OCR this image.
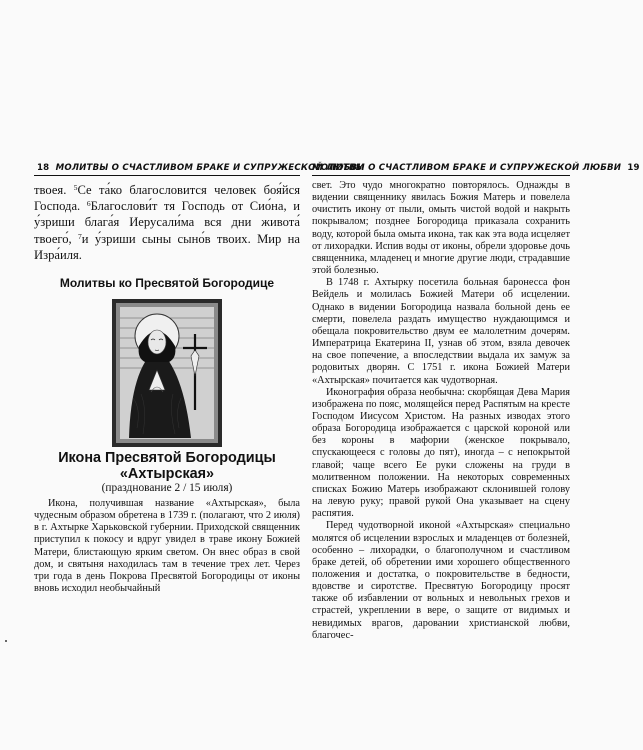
18 МОЛИТВЫ О СЧАСТЛИВОМ БРАКЕ И СУПРУЖЕСКОЙ ЛЮБВИ

твоея. $^5$Се та́ко благословится человек боя́йся Господа. $^6$Благослови́т тя Господь от Сио́на, и у́зриши блага́я Иерусали́ма вся дни живота́ твоего́, $^7$и у́зриши сыны сыно́в твоих. Мир на Изра́иля.

Молитвы ко Пресвятой Богородице
Икона Пресвятой Богородицы
«Ахтырская»
(празднование 2 / 15 июля)

Икона, получившая название «Ахтырская», была чудесным образом обретена в 1739 г. (полагают, что 2 июля) в г. Ахтырке Харьковской губернии. Приходской священник приступил к покосу и вдруг увидел в траве икону Божией Матери, блистающую ярким светом. Он внес образ в свой дом, и святыня находилась там в течение трех лет. Через три года в день Покрова Пресвятой Богородицы от иконы вновь исходил необычайный

МОЛИТВЫ О СЧАСТЛИВОМ БРАКЕ И СУПРУЖЕСКОЙ ЛЮБВИ 19

свет. Это чудо многократно повторялось. Однажды в видении священнику явилась Божия Матерь и повелела очистить икону от пыли, омыть чистой водой и накрыть покрывалом; позднее Богородица приказала сохранить воду, которой была омыта икона, так как эта вода исцеляет от лихорадки. Испив воды от иконы, обрели здоровье дочь священника, младенец и многие другие люди, страдавшие этой болезнью.

В 1748 г. Ахтырку посетила больная баронесса фон Вейдель и молилась Божией Матери об исцелении. Однако в видении Богородица назвала больной день ее смерти, повелела раздать имущество нуждающимся и обещала покровительство двум ее малолетним дочерям. Императрица Екатерина II, узнав об этом, взяла девочек на свое попечение, а впоследствии выдала их замуж за родовитых дворян. С 1751 г. икона Божией Матери «Ахтырская» почитается как чудотворная.

Иконография образа необычна: скорбящая Дева Мария изображена по пояс, молящейся перед Распятым на кресте Господом Иисусом Христом. На разных изводах этого образа Богородица изображается с царской короной или без короны в мафории (женское покрывало, спускающееся с головы до пят), иногда – с непокрытой главой; чаще всего Ее руки сложены на груди в молитвенном положении. На некоторых современных списках Божию Матерь изображают склонившей голову на левую руку; правой рукой Она указывает на сцену распятия.

Перед чудотворной иконой «Ахтырская» специально молятся об исцелении взрослых и младенцев от болезней, особенно – лихорадки, о благополучном и счастливом браке детей, об обретении ими хорошего общественного положения и достатка, о покровительстве в бедности, вдовстве и сиротстве. Пресвятую Богородицу просят также об избавлении от вольных и невольных грехов и страстей, укреплении в вере, о защите от видимых и невидимых врагов, даровании христианской любви, благочес-
